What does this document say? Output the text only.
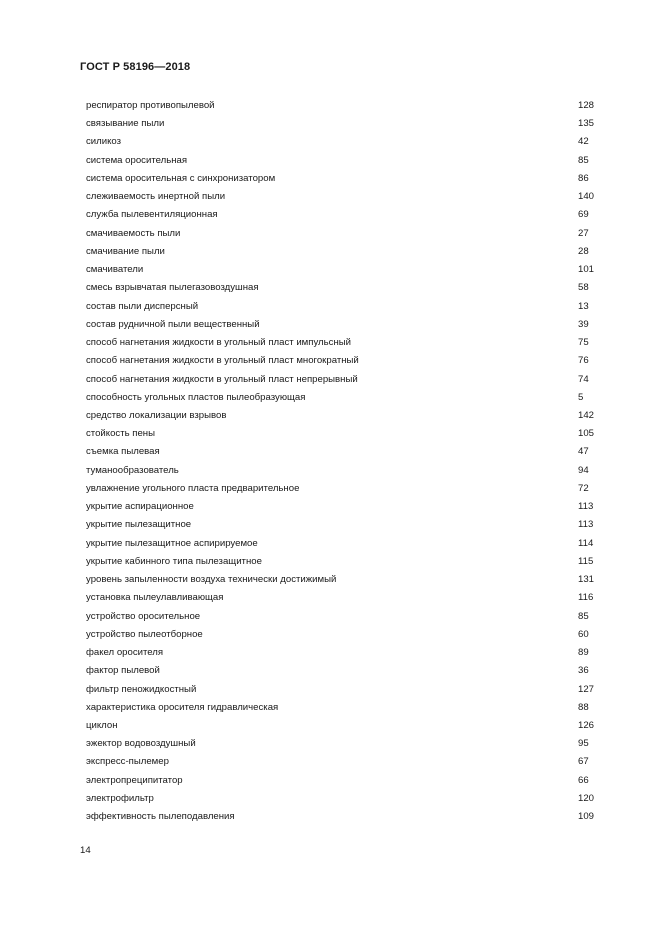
ГОСТ Р 58196—2018
респиратор противопылевой	128
связывание пыли	135
силикоз	42
система оросительная	85
система оросительная с синхронизатором	86
слеживаемость инертной пыли	140
служба пылевентиляционная	69
смачиваемость пыли	27
смачивание пыли	28
смачиватели	101
смесь взрывчатая пылегазовоздушная	58
состав пыли дисперсный	13
состав рудничной пыли вещественный	39
способ нагнетания жидкости в угольный пласт импульсный	75
способ нагнетания жидкости в угольный пласт многократный	76
способ нагнетания жидкости в угольный пласт непрерывный	74
способность угольных пластов пылеобразующая	5
средство локализации взрывов	142
стойкость пены	105
съемка пылевая	47
туманообразователь	94
увлажнение угольного пласта предварительное	72
укрытие аспирационное	113
укрытие пылезащитное	113
укрытие пылезащитное аспирируемое	114
укрытие кабинного типа пылезащитное	115
уровень запыленности воздуха технически достижимый	131
установка пылеулавливающая	116
устройство оросительное	85
устройство пылеотборное	60
факел оросителя	89
фактор пылевой	36
фильтр пеножидкостный	127
характеристика оросителя гидравлическая	88
циклон	126
эжектор водовоздушный	95
экспресс-пылемер	67
электропреципитатор	66
электрофильтр	120
эффективность пылеподавления	109
14
